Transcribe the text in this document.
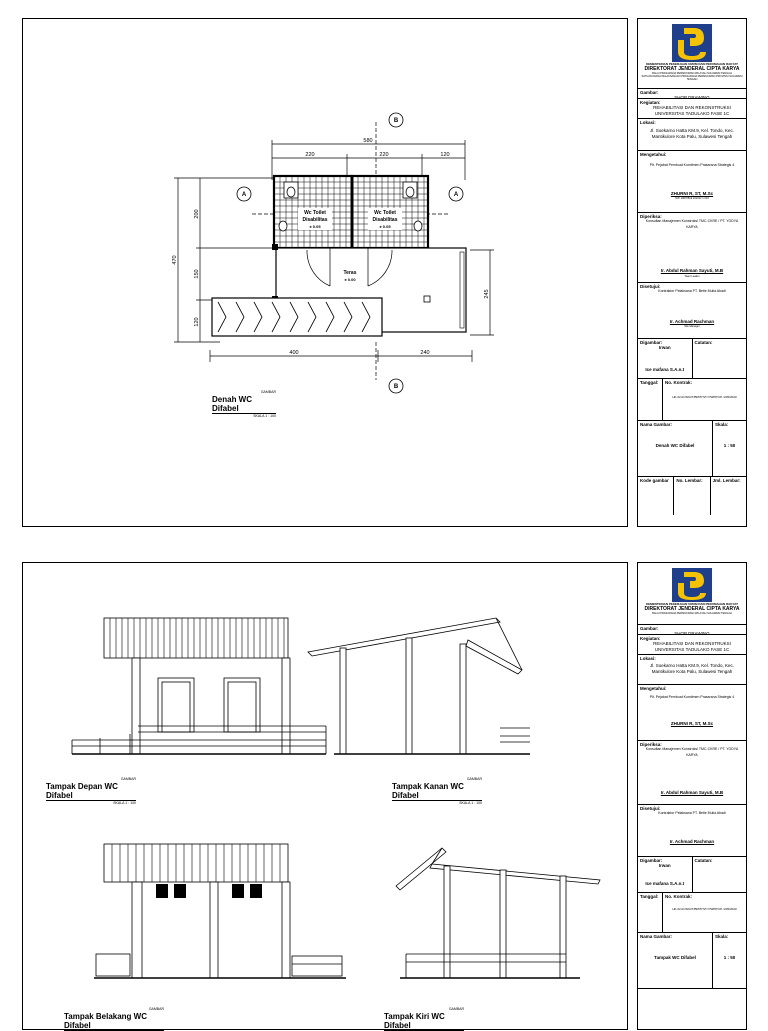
580
220	220	120
400	240
470
200
150
120
245
Wc Toilet
Disabilitas
± 0.05
Wc Toilet
Disabilitas
± 0.05
Teras
± 0.00
A	A
B
B
GAMBAR
Denah WC Difabel
SKALA 1 : 100
GAMBAR
Tampak Depan WC Difabel
SKALA 1 : 100
GAMBAR
Tampak Kanan WC Difabel
SKALA 1 : 100
GAMBAR
Tampak Belakang WC Difabel
GAMBAR
Tampak Kiri WC Difabel
KEMENTERIAN PEKERJAAN UMUM DAN PERUMAHAN RAKYAT
DIREKTORAT JENDERAL CIPTA KARYA
BALAI PRASARANA PERMUKIMAN WILAYAH SULAWESI TENGAH
SATUAN KERJA PELAKSANAAN PRASARANA PERMUKIMAN PROVINSI SULAWESI TENGAH
Gambar:
SHOP DRAWING
Kegiatan:
REHABILITASI DAN REKONSTRUKSI UNIVERSITAS TADULAKO FASE 1C
Lokasi:
Jl. Soekarno Hatta KM.9, Kel. Tondo, Kec. Mantikulore Kota Palu, Sulawesi Tengah
Mengetahui:
Plt. Pejabat Pembuat Komitmen Prasarana Strategis 4
ZHURNI R, ST, M.Sc
NIP. 19870819 201012 1 004
Diperiksa:
Konsultan Manajemen Konstruksi TMC-CKRE / PT. YODYA KARYA
Ir. Abdul Rahman Sayuti, M.B
Team Leader
Disetujui:
Kontraktor Pelaksana PT. Betie Mulia Abadi
Ir. Achmad Rachman
Site Manager
Digambar:
Irwan
Ice mafana S.A.n.t
Catatan:
Tanggal:	No. Kontrak:
HK.02.01/SNVT/BPPP.ST/ PWPP/CP-1/05/2020
Nama Gambar:
Denah WC Difabel
Skala:
1 : 50
Kode gambar	No. Lembar:	Jml. Lembar:
KEMENTERIAN PEKERJAAN UMUM DAN PERUMAHAN RAKYAT
DIREKTORAT JENDERAL CIPTA KARYA
BALAI PRASARANA PERMUKIMAN WILAYAH SULAWESI TENGAH
Gambar:
SHOP DRAWING
Kegiatan:
REHABILITASI DAN REKONSTRUKSI UNIVERSITAS TADULAKO FASE 1C
Lokasi:
Jl. Soekarno Hatta KM.9, Kel. Tondo, Kec. Mantikulore Kota Palu, Sulawesi Tengah
Mengetahui:
Plt. Pejabat Pembuat Komitmen Prasarana Strategis 4
ZHURNI R, ST, M.Sc
Diperiksa:
Konsultan Manajemen Konstruksi TMC-CKRE / PT. YODYA KARYA
Ir. Abdul Rahman Sayuti, M.B
Disetujui:
Kontraktor Pelaksana PT. Betie Mulia Abadi
Ir. Achmad Rachman
Digambar:
Irwan
Ice mafana S.A.n.t
Catatan:
Tanggal:	No. Kontrak:
HK.02.01/SNVT/BPPP.ST/ PWPP/CP-1/05/2020
Nama Gambar:
Tampak WC Difabel
Skala:
1 : 50
